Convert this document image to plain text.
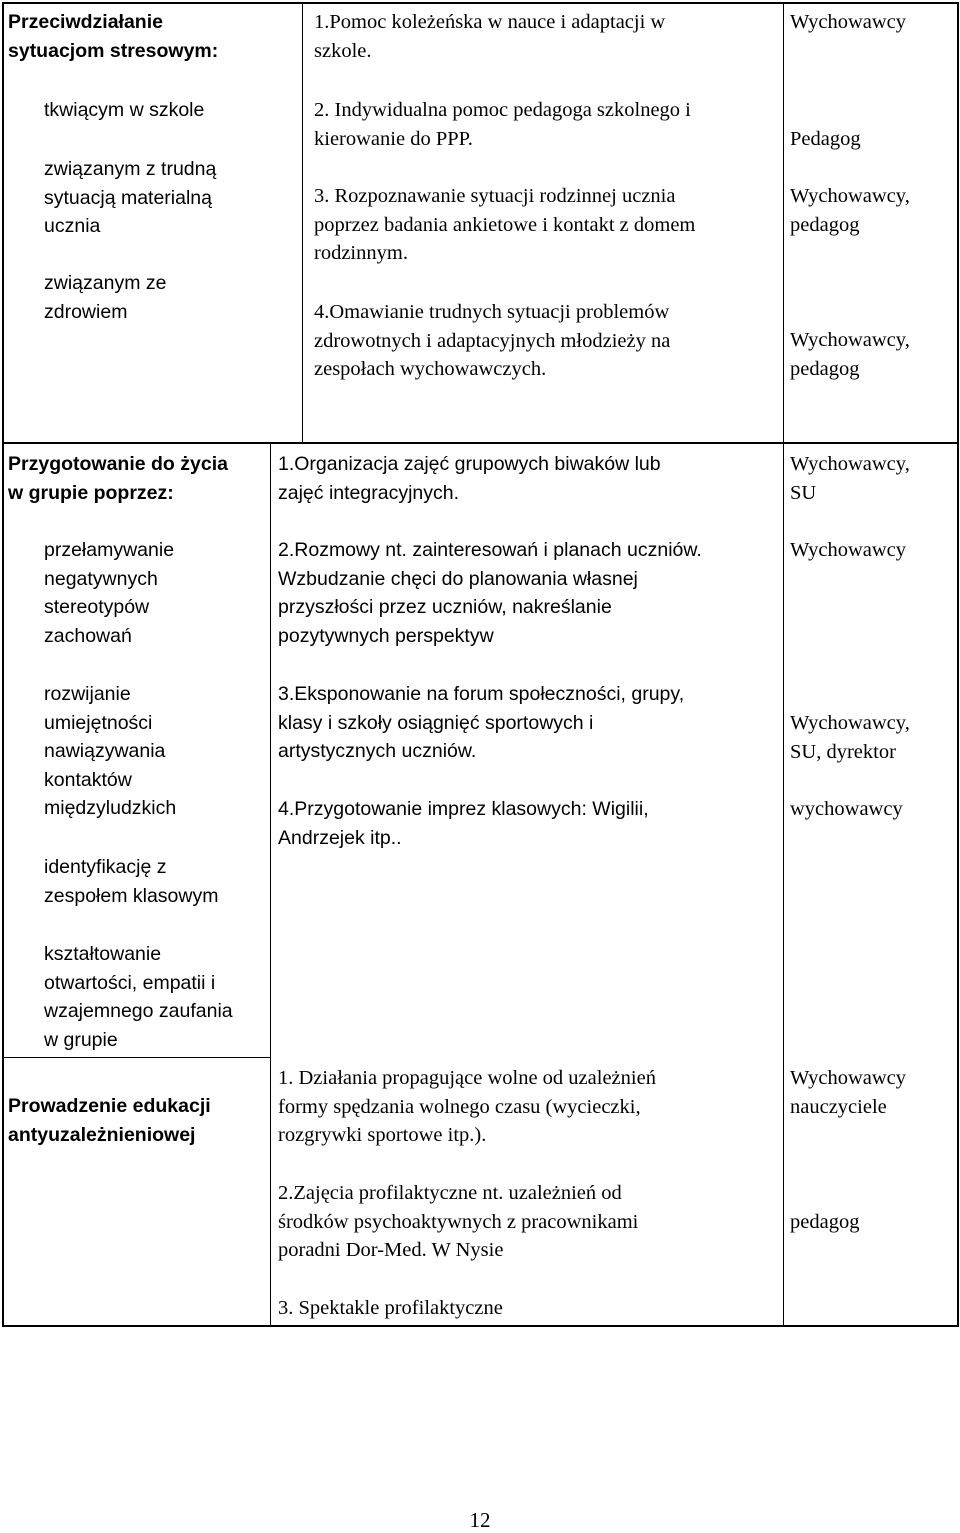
Przeciwdziałanie
sytuacjom stresowym:

tkwiącym w szkole

związanym z trudną
sytuacją materialną
ucznia

związanym ze
zdrowiem

1.Pomoc koleżeńska w nauce i adaptacji w
szkole.

2. Indywidualna pomoc pedagoga szkolnego i
kierowanie do PPP.

3. Rozpoznawanie sytuacji rodzinnej ucznia
poprzez badania ankietowe i kontakt z domem
rodzinnym.

4.Omawianie trudnych sytuacji problemów
zdrowotnych i adaptacyjnych młodzieży na
zespołach wychowawczych.

Wychowawcy

Pedagog

Wychowawcy,
pedagog

Wychowawcy,
pedagog

Przygotowanie do życia
w grupie poprzez:

przełamywanie
negatywnych
stereotypów
zachowań

rozwijanie
umiejętności
nawiązywania
kontaktów
międzyludzkich

identyfikację z
zespołem klasowym

kształtowanie
otwartości, empatii i
wzajemnego zaufania
w grupie

1.Organizacja zajęć grupowych biwaków lub
zajęć integracyjnych.

2.Rozmowy nt. zainteresowań i planach uczniów.
Wzbudzanie chęci do planowania własnej
przyszłości przez uczniów, nakreślanie
pozytywnych perspektyw

3.Eksponowanie na forum społeczności, grupy,
klasy i szkoły osiągnięć sportowych i
artystycznych uczniów.

4.Przygotowanie imprez klasowych: Wigilii,
Andrzejek itp..

Wychowawcy,
SU

Wychowawcy

Wychowawcy,
SU, dyrektor

wychowawcy

Prowadzenie edukacji
antyuzależnieniowej

1. Działania propagujące wolne od uzależnień
formy spędzania wolnego czasu (wycieczki,
rozgrywki sportowe itp.).

2.Zajęcia profilaktyczne nt. uzależnień od
środków psychoaktywnych z pracownikami
poradni Dor-Med. W Nysie

3. Spektakle profilaktyczne

Wychowawcy
nauczyciele

pedagog

12
